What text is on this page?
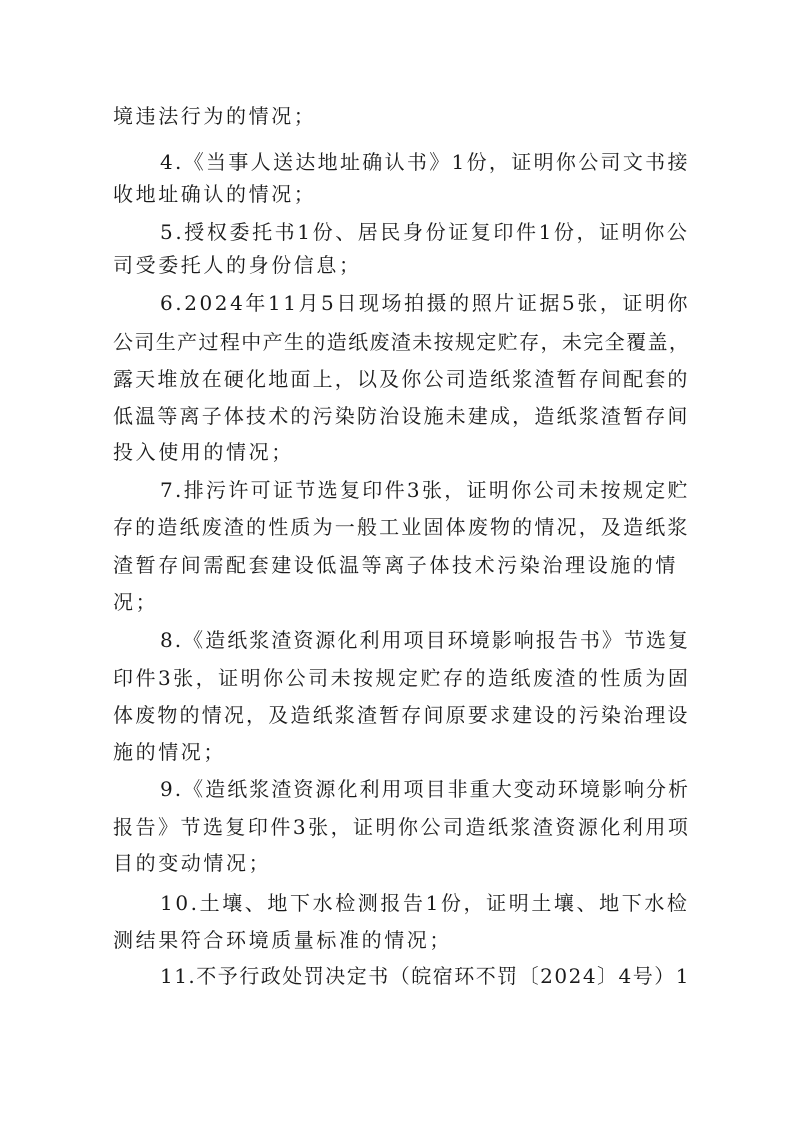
境违法行为的情况；
4.《当事人送达地址确认书》1份，证明你公司文书接
收地址确认的情况；
5.授权委托书1份、居民身份证复印件1份，证明你公
司受委托人的身份信息；
6.2024年11月5日现场拍摄的照片证据5张，证明你
公司生产过程中产生的造纸废渣未按规定贮存，未完全覆盖，
露天堆放在硬化地面上，以及你公司造纸浆渣暂存间配套的
低温等离子体技术的污染防治设施未建成，造纸浆渣暂存间
投入使用的情况；
7.排污许可证节选复印件3张，证明你公司未按规定贮
存的造纸废渣的性质为一般工业固体废物的情况，及造纸浆
渣暂存间需配套建设低温等离子体技术污染治理设施的情
况；
8.《造纸浆渣资源化利用项目环境影响报告书》节选复
印件3张，证明你公司未按规定贮存的造纸废渣的性质为固
体废物的情况，及造纸浆渣暂存间原要求建设的污染治理设
施的情况；
9.《造纸浆渣资源化利用项目非重大变动环境影响分析
报告》节选复印件3张，证明你公司造纸浆渣资源化利用项
目的变动情况；
10.土壤、地下水检测报告1份，证明土壤、地下水检
测结果符合环境质量标准的情况；
11.不予行政处罚决定书（皖宿环不罚〔2024〕4号）1
